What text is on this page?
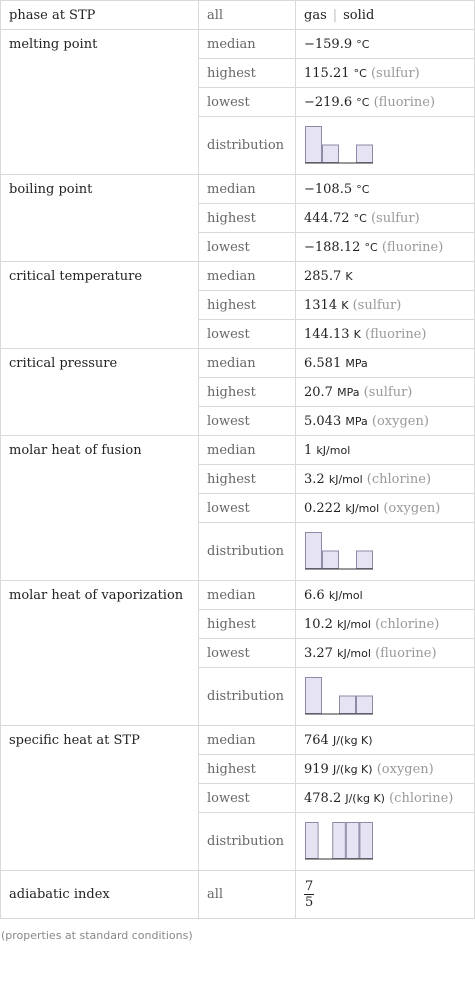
phase at STP	all	gas | solid
melting point	median	−159.9 °C
	highest	115.21 °C (sulfur)
	lowest	−219.6 °C (fluorine)
	distribution	

boiling point	median	−108.5 °C
	highest	444.72 °C (sulfur)
	lowest	−188.12 °C (fluorine)
critical temperature	median	285.7 K
	highest	1314 K (sulfur)
	lowest	144.13 K (fluorine)
critical pressure	median	6.581 MPa
	highest	20.7 MPa (sulfur)
	lowest	5.043 MPa (oxygen)
molar heat of fusion	median	1 kJ/mol
	highest	3.2 kJ/mol (chlorine)
	lowest	0.222 kJ/mol (oxygen)
	distribution	

molar heat of vaporization	median	6.6 kJ/mol
	highest	10.2 kJ/mol (chlorine)
	lowest	3.27 kJ/mol (fluorine)
	distribution	

specific heat at STP	median	764 J/(kg K)
	highest	919 J/(kg K) (oxygen)
	lowest	478.2 J/(kg K) (chlorine)
	distribution	

adiabatic index	all	$\frac{7}{5}$
(properties at standard conditions)
